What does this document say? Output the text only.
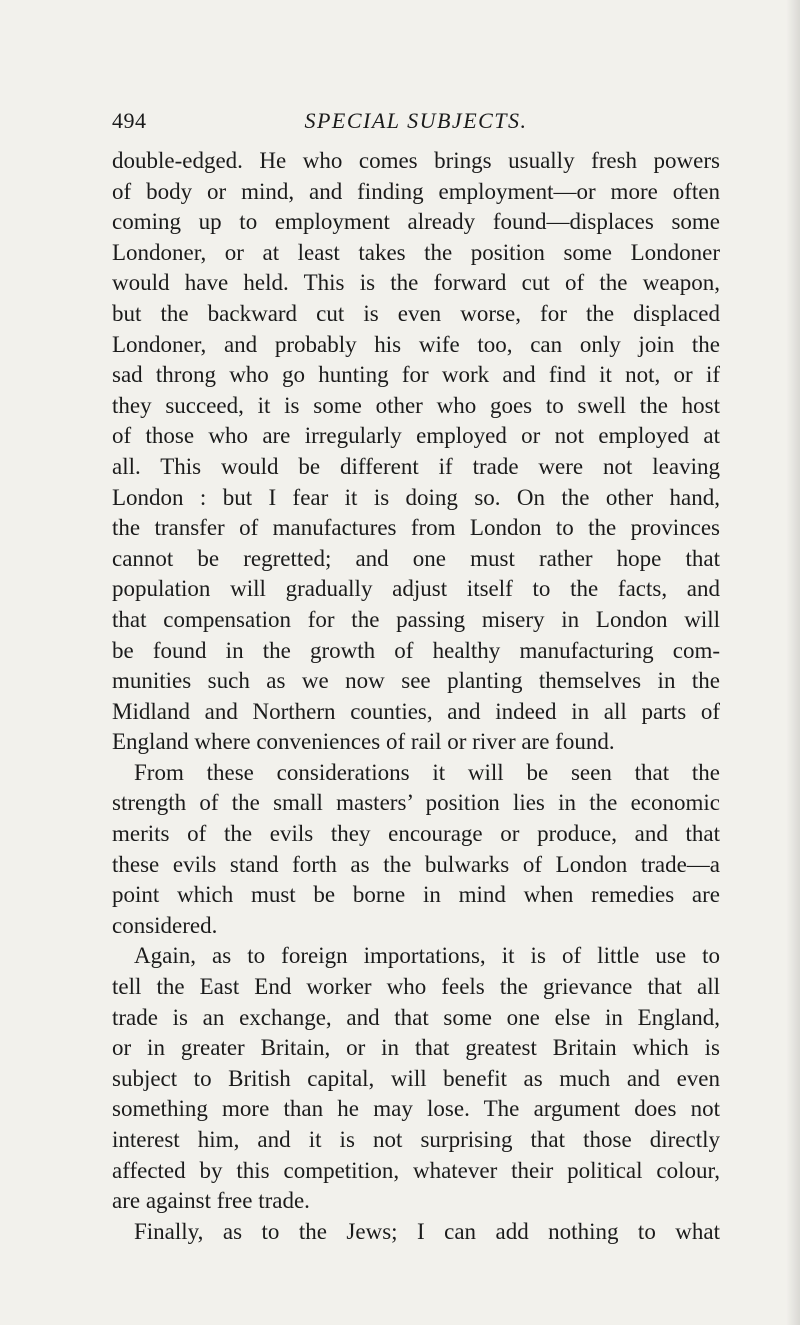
SPECIAL SUBJECTS.
494

double-edged. He who comes brings usually fresh powers
of body or mind, and finding employment—or more often
coming up to employment already found—displaces some
Londoner, or at least takes the position some Londoner
would have held. This is the forward cut of the weapon,
but the backward cut is even worse, for the displaced
Londoner, and probably his wife too, can only join the
sad throng who go hunting for work and find it not, or if
they succeed, it is some other who goes to swell the host
of those who are irregularly employed or not employed at
all. This would be different if trade were not leaving
London : but I fear it is doing so. On the other hand,
the transfer of manufactures from London to the provinces
cannot be regretted; and one must rather hope that
population will gradually adjust itself to the facts, and
that compensation for the passing misery in London will
be found in the growth of healthy manufacturing com-
munities such as we now see planting themselves in the
Midland and Northern counties, and indeed in all parts of
England where conveniences of rail or river are found.

From these considerations it will be seen that the
strength of the small masters’ position lies in the economic
merits of the evils they encourage or produce, and that
these evils stand forth as the bulwarks of London trade—a
point which must be borne in mind when remedies are
considered.

Again, as to foreign importations, it is of little use to
tell the East End worker who feels the grievance that all
trade is an exchange, and that some one else in England,
or in greater Britain, or in that greatest Britain which is
subject to British capital, will benefit as much and even
something more than he may lose. The argument does not
interest him, and it is not surprising that those directly
affected by this competition, whatever their political colour,
are against free trade.

Finally, as to the Jews; I can add nothing to what
